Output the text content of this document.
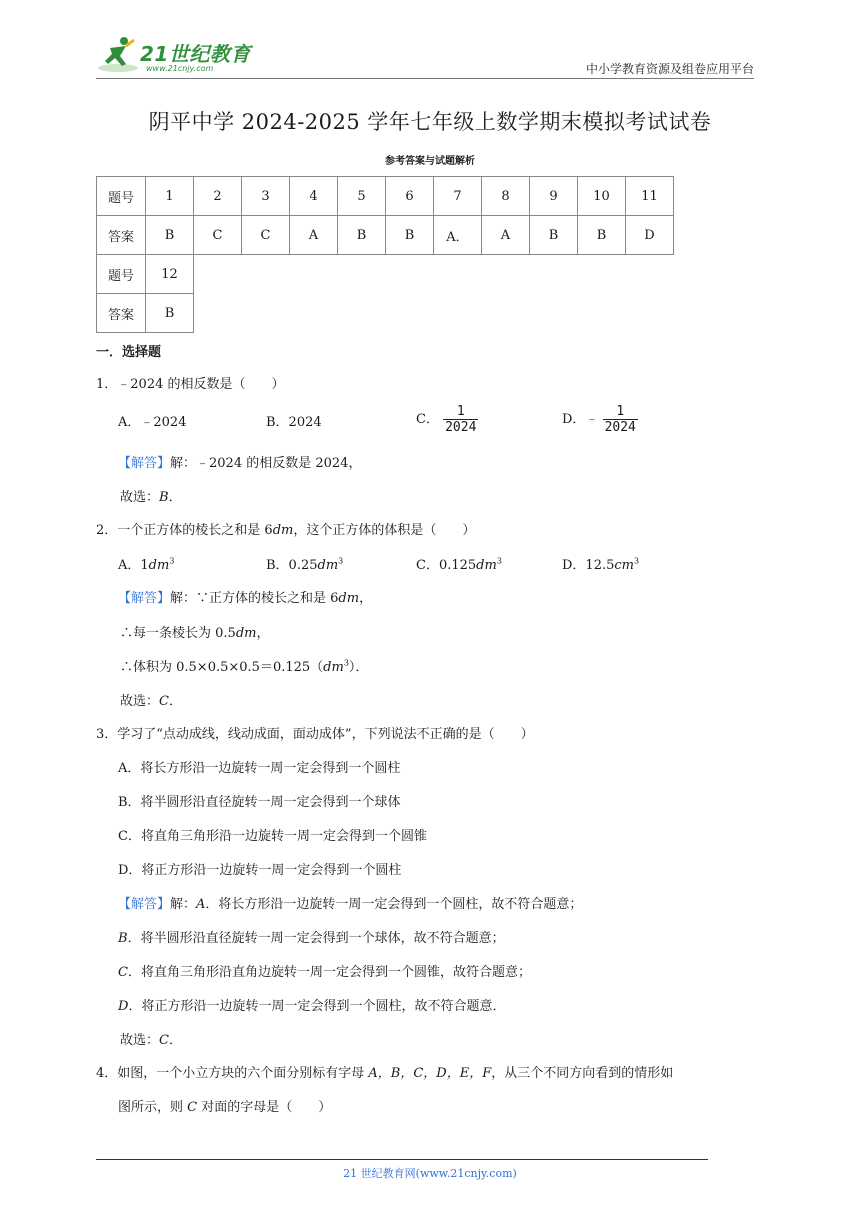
21世纪教育
www.21cnjy.com	中小学教育资源及组卷应用平台
阴平中学 2024-2025 学年七年级上数学期末模拟考试试卷
参考答案与试题解析
题号	1	2	3	4	5	6	7	8	9	10	11
答案	B	C	C	A	B	B	A．	A	B	B	D
题号	12
答案	B
一．选择题
1．﹣2024 的相反数是（　　）
A．﹣2024	B．2024	C． $\frac{1}{2024}$	D．﹣ $\frac{1}{2024}$
【解答】解：﹣2024 的相反数是 2024，
故选：B．
2．一个正方体的棱长之和是 6dm，这个正方体的体积是（　　）
A．$1dm^3$	B．$0.25dm^3$	C．$0.125dm^3$	D．$12.5cm^3$
【解答】解：∵正方体的棱长之和是 6dm，
∴每一条棱长为 0.5dm，
∴体积为 $0.5\times 0.5\times 0.5=0.125(dm^3)$．
故选：C．
3．学习了“点动成线，线动成面，面动成体”，下列说法不正确的是（　　）
A．将长方形沿一边旋转一周一定会得到一个圆柱
B．将半圆形沿直径旋转一周一定会得到一个球体
C．将直角三角形沿一边旋转一周一定会得到一个圆锥
D．将正方形沿一边旋转一周一定会得到一个圆柱
【解答】解：A．将长方形沿一边旋转一周一定会得到一个圆柱，故不符合题意；
B．将半圆形沿直径旋转一周一定会得到一个球体，故不符合题意；
C．将直角三角形沿直角边旋转一周一定会得到一个圆锥，故符合题意；
D．将正方形沿一边旋转一周一定会得到一个圆柱，故不符合题意．
故选：C．
4．如图，一个小立方块的六个面分别标有字母 A，B，C，D，E，F，从三个不同方向看到的情形如
图所示，则 C 对面的字母是（　　）
21 世纪教育网(www.21cnjy.com)
